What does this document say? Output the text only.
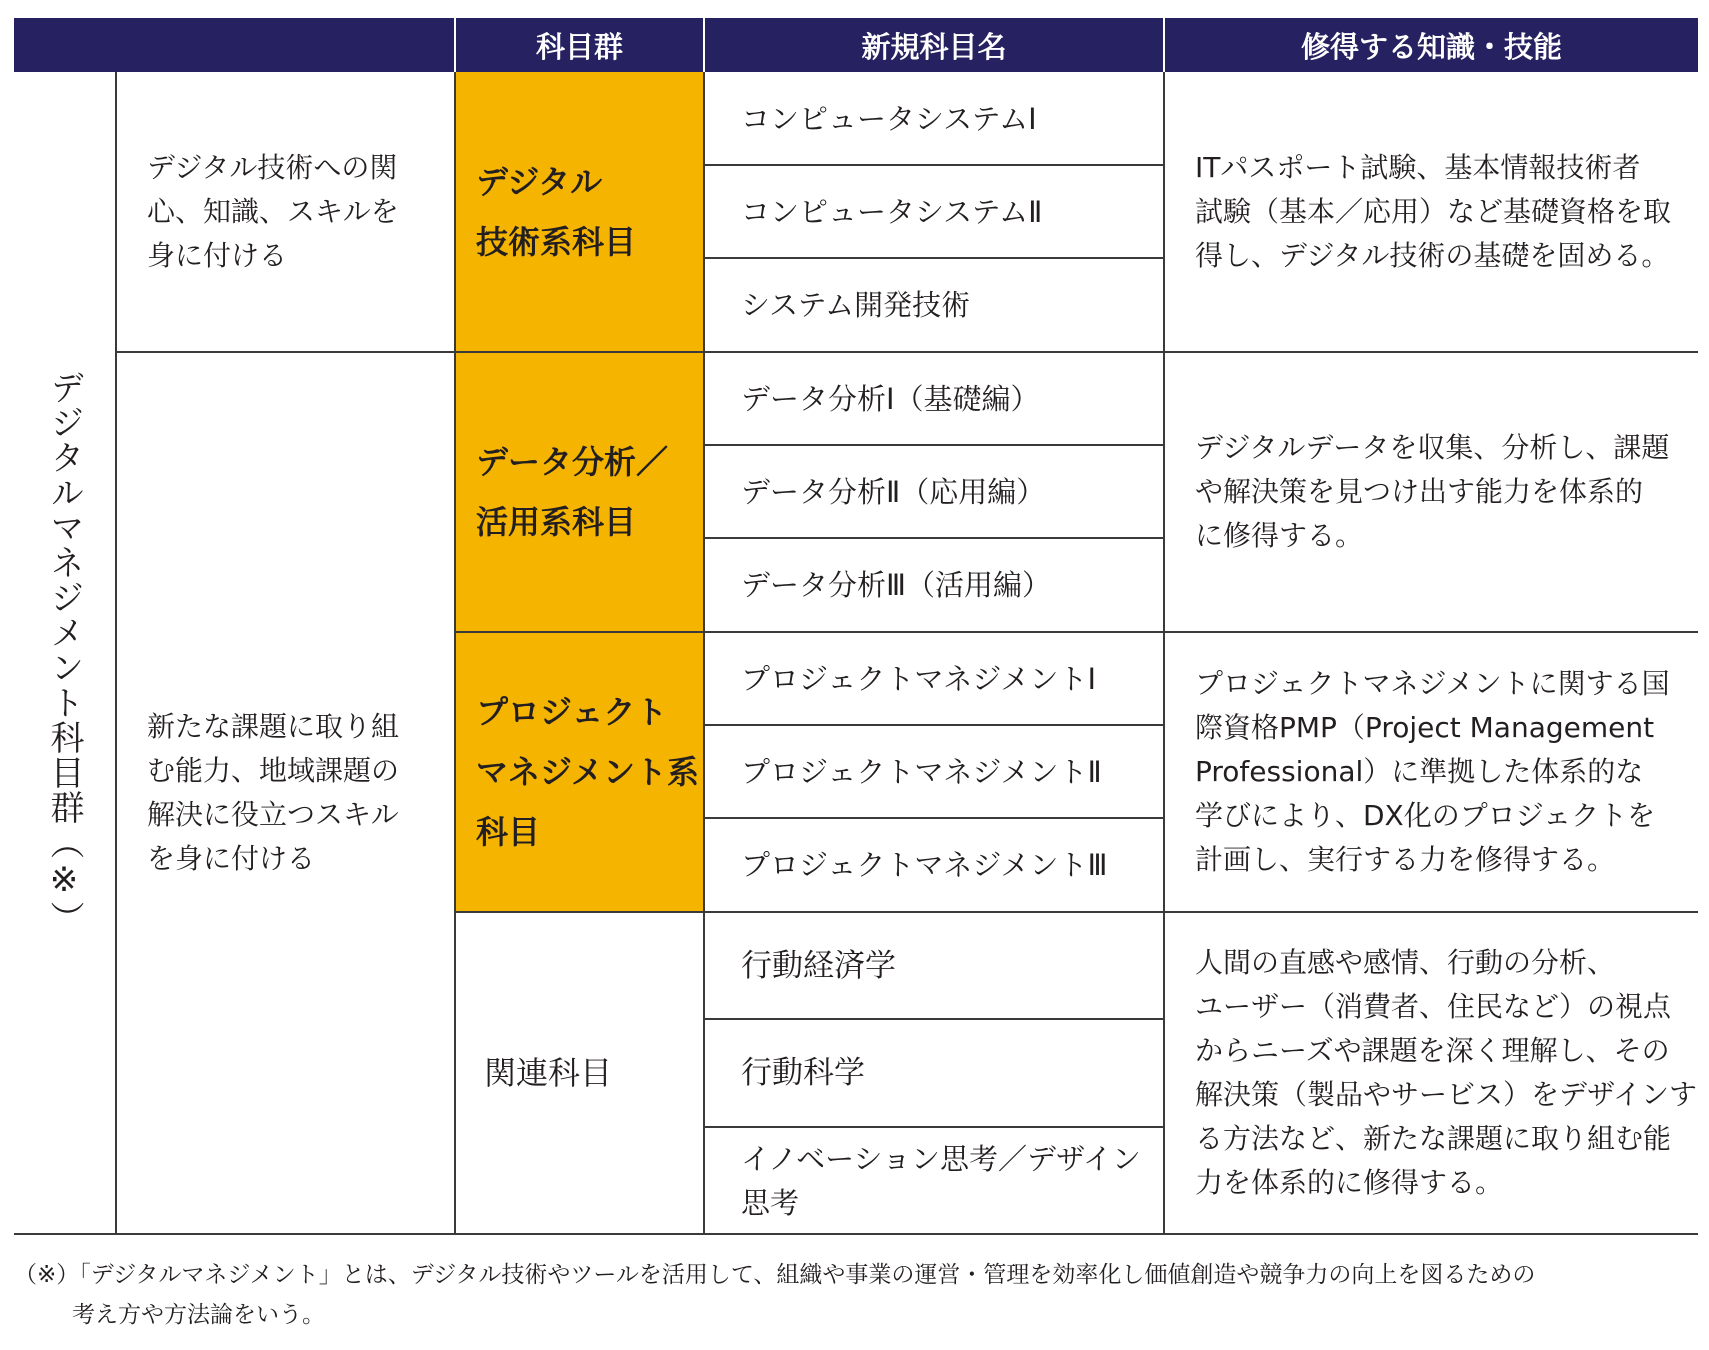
科目群	新規科目名	修得する知識・技能
デジタルマネジメント科目群（※）
デジタル技術への関心、知識、スキルを身に付ける
新たな課題に取り組む能力、地域課題の解決に役立つスキルを身に付ける
デジタル
技術系科目
データ分析／
活用系科目
プロジェクト
マネジメント系
科目
関連科目
コンピュータシステムⅠ
コンピュータシステムⅡ
システム開発技術
データ分析Ⅰ（基礎編）
データ分析Ⅱ（応用編）
データ分析Ⅲ（活用編）
プロジェクトマネジメントⅠ
プロジェクトマネジメントⅡ
プロジェクトマネジメントⅢ
行動経済学
行動科学
イノベーション思考／デザイン思考
ITパスポート試験、基本情報技術者
試験（基本／応用）など基礎資格を取
得し、デジタル技術の基礎を固める。
デジタルデータを収集、分析し、課題
や解決策を見つけ出す能力を体系的
に修得する。
プロジェクトマネジメントに関する国
際資格PMP（Project Management
Professional）に準拠した体系的な
学びにより、DX化のプロジェクトを
計画し、実行する力を修得する。
人間の直感や感情、行動の分析、
ユーザー（消費者、住民など）の視点
からニーズや課題を深く理解し、その
解決策（製品やサービス）をデザインす
る方法など、新たな課題に取り組む能
力を体系的に修得する。
（※）「デジタルマネジメント」とは、デジタル技術やツールを活用して、組織や事業の運営・管理を効率化し価値創造や競争力の向上を図るための
考え方や方法論をいう。
